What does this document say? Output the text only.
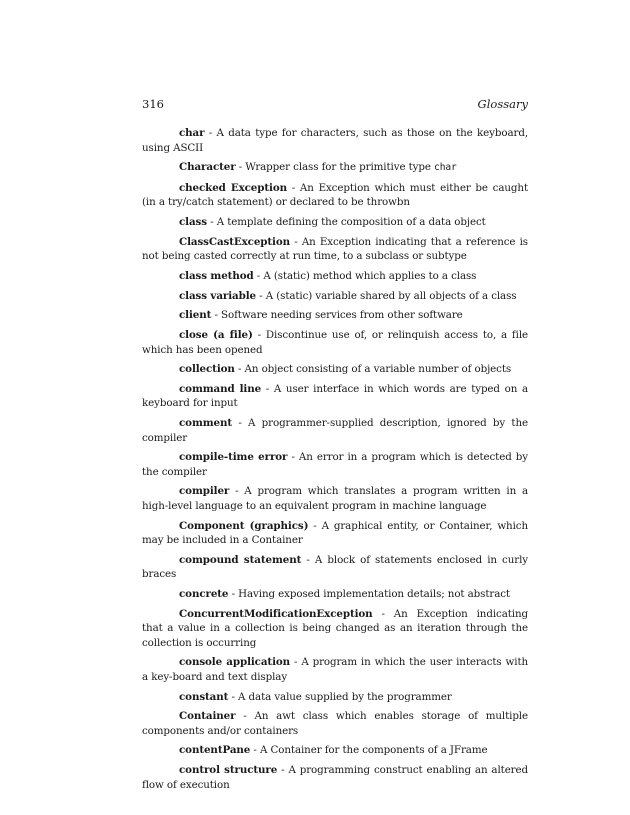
316	Glossary

char - A data type for characters, such as those on the keyboard, using ASCII

Character - Wrapper class for the primitive type char

checked Exception - An Exception which must either be caught (in a try/catch statement) or declared to be throwbn

class - A template defining the composition of a data object

ClassCastException - An Exception indicating that a reference is not being casted correctly at run time, to a subclass or subtype

class method - A (static) method which applies to a class

class variable - A (static) variable shared by all objects of a class

client - Software needing services from other software

close (a file) - Discontinue use of, or relinquish access to, a file which has been opened

collection - An object consisting of a variable number of objects

command line - A user interface in which words are typed on a keyboard for input

comment - A programmer-supplied description, ignored by the compiler

compile-time error - An error in a program which is detected by the compiler

compiler - A program which translates a program written in a high-level language to an equivalent program in machine language

Component (graphics) - A graphical entity, or Container, which may be included in a Container

compound statement - A block of statements enclosed in curly braces

concrete - Having exposed implementation details; not abstract

ConcurrentModificationException - An Exception indicating that a value in a collection is being changed as an iteration through the collection is occurring

console application - A program in which the user interacts with a key-board and text display

constant - A data value supplied by the programmer

Container - An awt class which enables storage of multiple components and/or containers

contentPane - A Container for the components of a JFrame

control structure - A programming construct enabling an altered flow of execution
